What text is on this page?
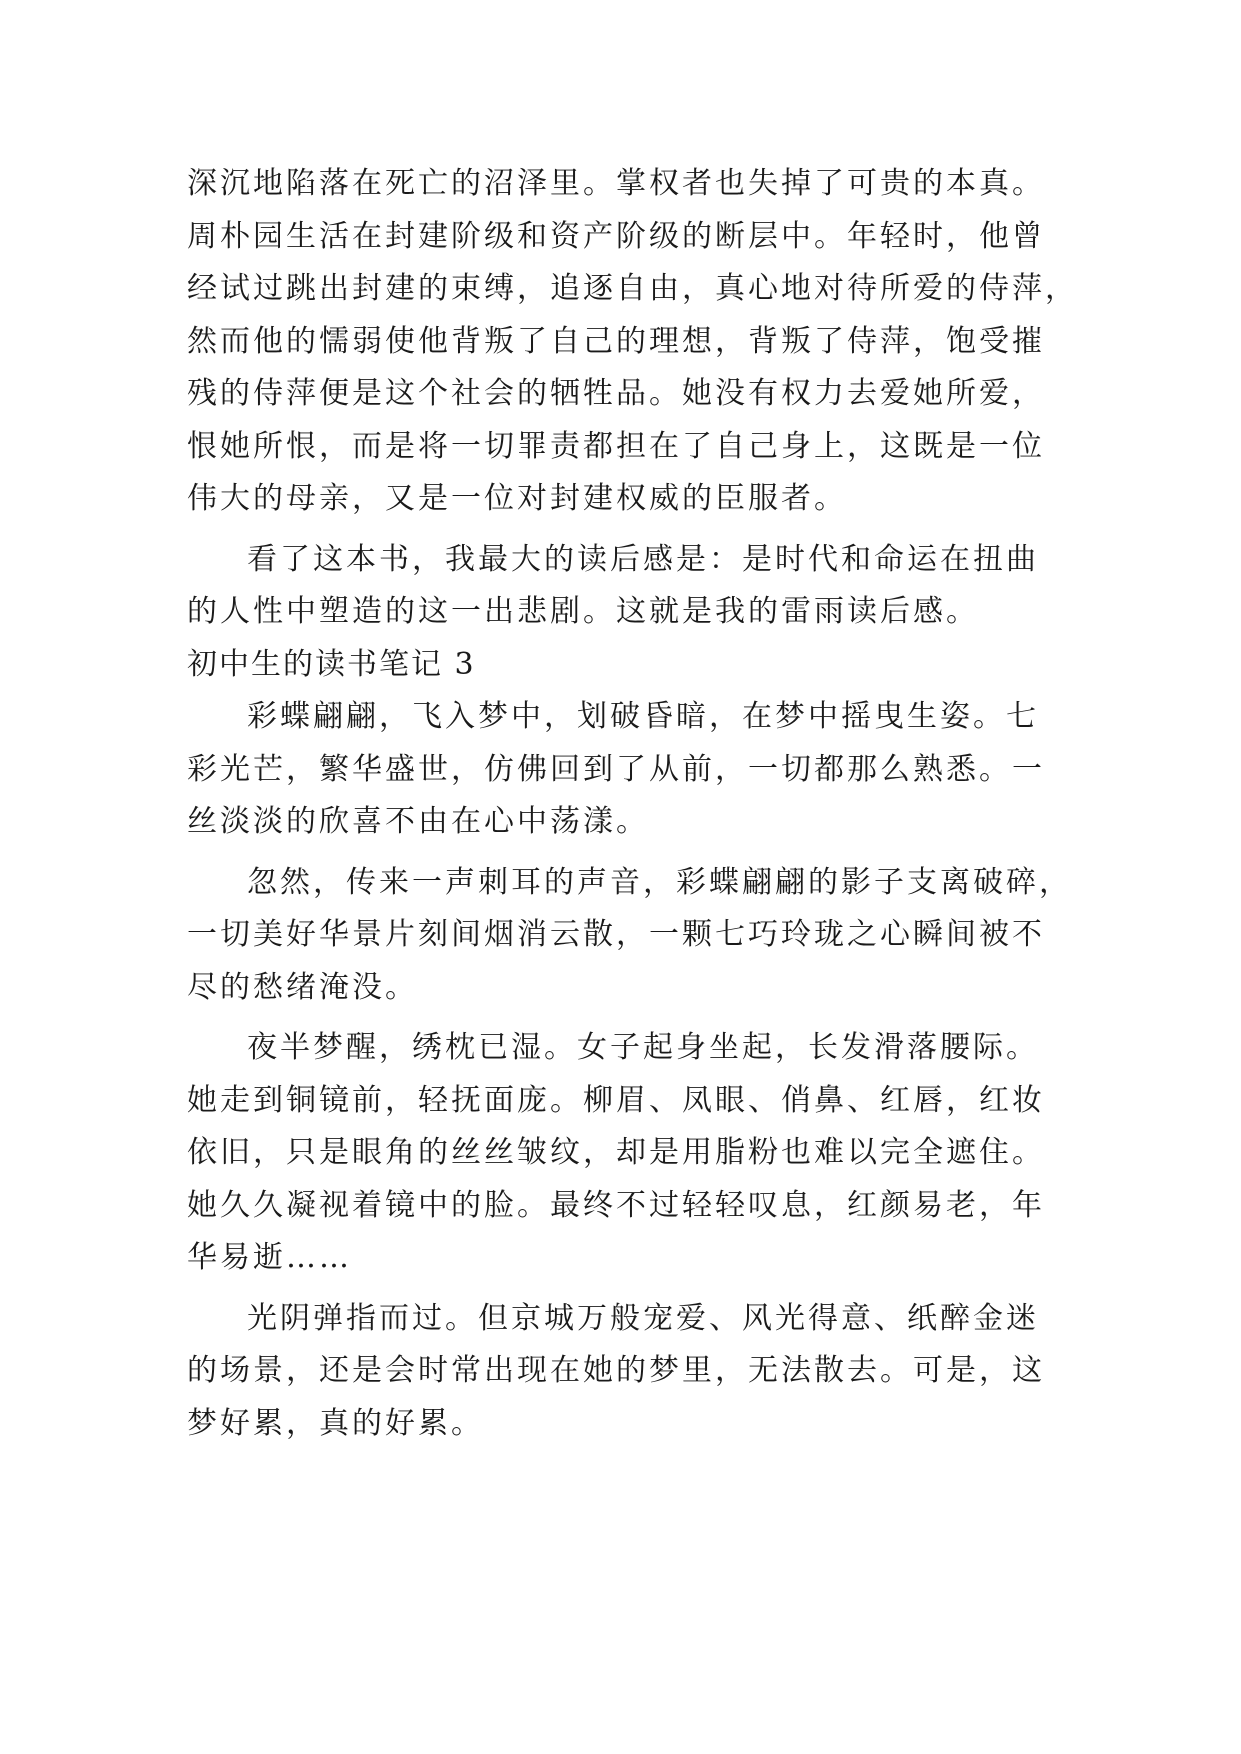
深沉地陷落在死亡的沼泽里。掌权者也失掉了可贵的本真。
周朴园生活在封建阶级和资产阶级的断层中。年轻时，他曾
经试过跳出封建的束缚，追逐自由，真心地对待所爱的侍萍，
然而他的懦弱使他背叛了自己的理想，背叛了侍萍，饱受摧
残的侍萍便是这个社会的牺牲品。她没有权力去爱她所爱，
恨她所恨，而是将一切罪责都担在了自己身上，这既是一位
伟大的母亲，又是一位对封建权威的臣服者。
看了这本书，我最大的读后感是：是时代和命运在扭曲
的人性中塑造的这一出悲剧。这就是我的雷雨读后感。
初中生的读书笔记 3
彩蝶翩翩，飞入梦中，划破昏暗，在梦中摇曳生姿。七
彩光芒，繁华盛世，仿佛回到了从前，一切都那么熟悉。一
丝淡淡的欣喜不由在心中荡漾。
忽然，传来一声刺耳的声音，彩蝶翩翩的影子支离破碎，
一切美好华景片刻间烟消云散，一颗七巧玲珑之心瞬间被不
尽的愁绪淹没。
夜半梦醒，绣枕已湿。女子起身坐起，长发滑落腰际。
她走到铜镜前，轻抚面庞。柳眉、凤眼、俏鼻、红唇，红妆
依旧，只是眼角的丝丝皱纹，却是用脂粉也难以完全遮住。
她久久凝视着镜中的脸。最终不过轻轻叹息，红颜易老，年
华易逝……
光阴弹指而过。但京城万般宠爱、风光得意、纸醉金迷
的场景，还是会时常出现在她的梦里，无法散去。可是，这
梦好累，真的好累。
